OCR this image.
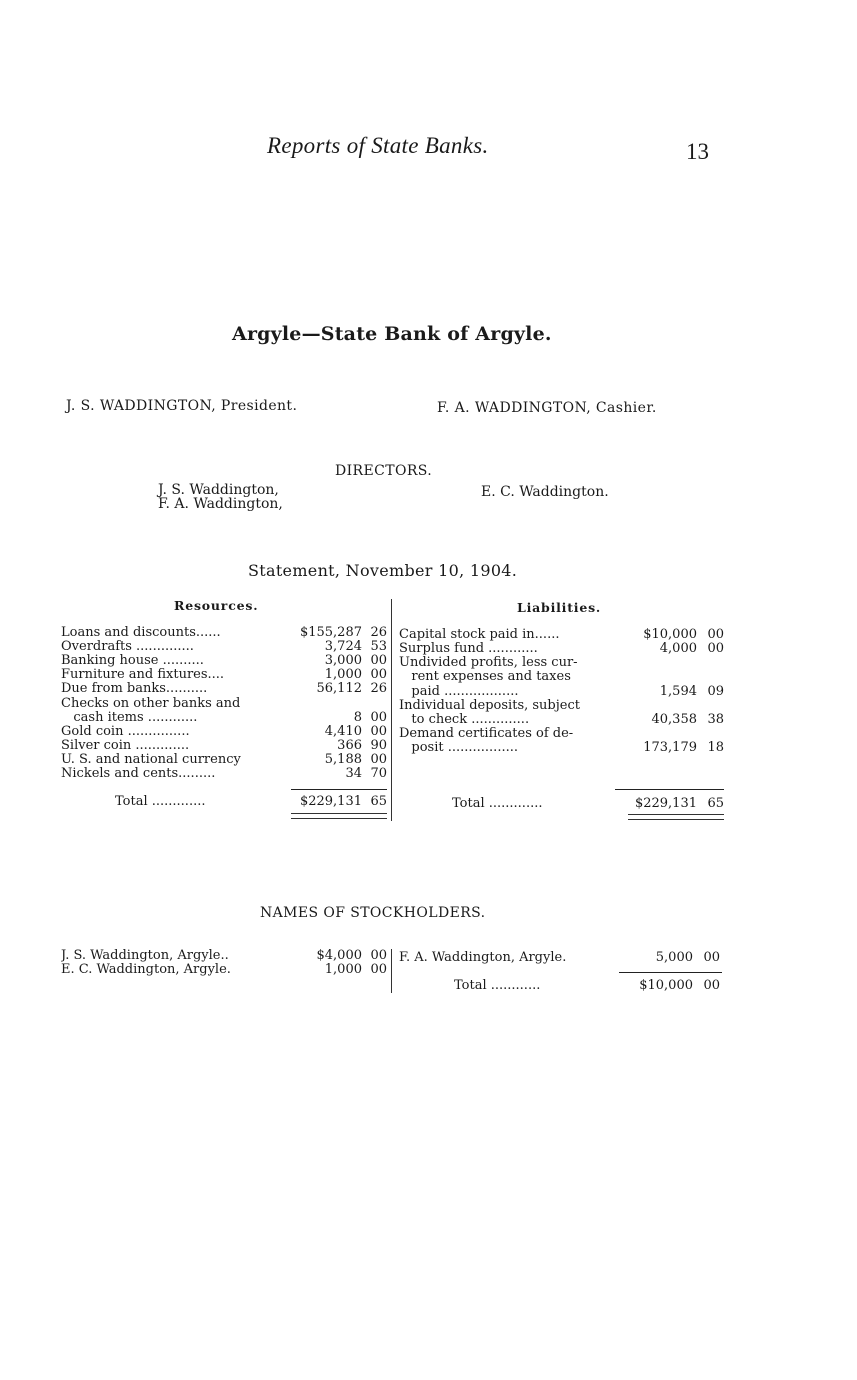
Reports of State Banks.	13
Argyle—State Bank of Argyle.
J. S. WADDINGTON, President.	F. A. WADDINGTON, Cashier.
DIRECTORS.
J. S. Waddington,
F. A. Waddington,
E. C. Waddington.
Statement, November 10, 1904.
Resources.	Liabilities.
Loans and discounts......	$155,287 26
Overdrafts ..............	3,724 53
Banking house ..........	3,000 00
Furniture and fixtures....	1,000 00
Due from banks..........	56,112 26
Checks on other banks and
cash items ............	8 00
Gold coin ...............	4,410 00
Silver coin .............	366 90
U. S. and national currency	5,188 00
Nickels and cents.........	34 70
Total .............	$229,131 65
Capital stock paid in......	$10,000 00
Surplus fund ............	4,000 00
Undivided profits, less cur-
rent expenses and taxes
paid ..................	1,594 09
Individual deposits, subject
to check ..............	40,358 38
Demand certificates of de-
posit .................	173,179 18
Total .............	$229,131 65
NAMES OF STOCKHOLDERS.
J. S. Waddington, Argyle..	$4,000 00
E. C. Waddington, Argyle.	1,000 00
F. A. Waddington, Argyle.	5,000 00
Total ............	$10,000 00
